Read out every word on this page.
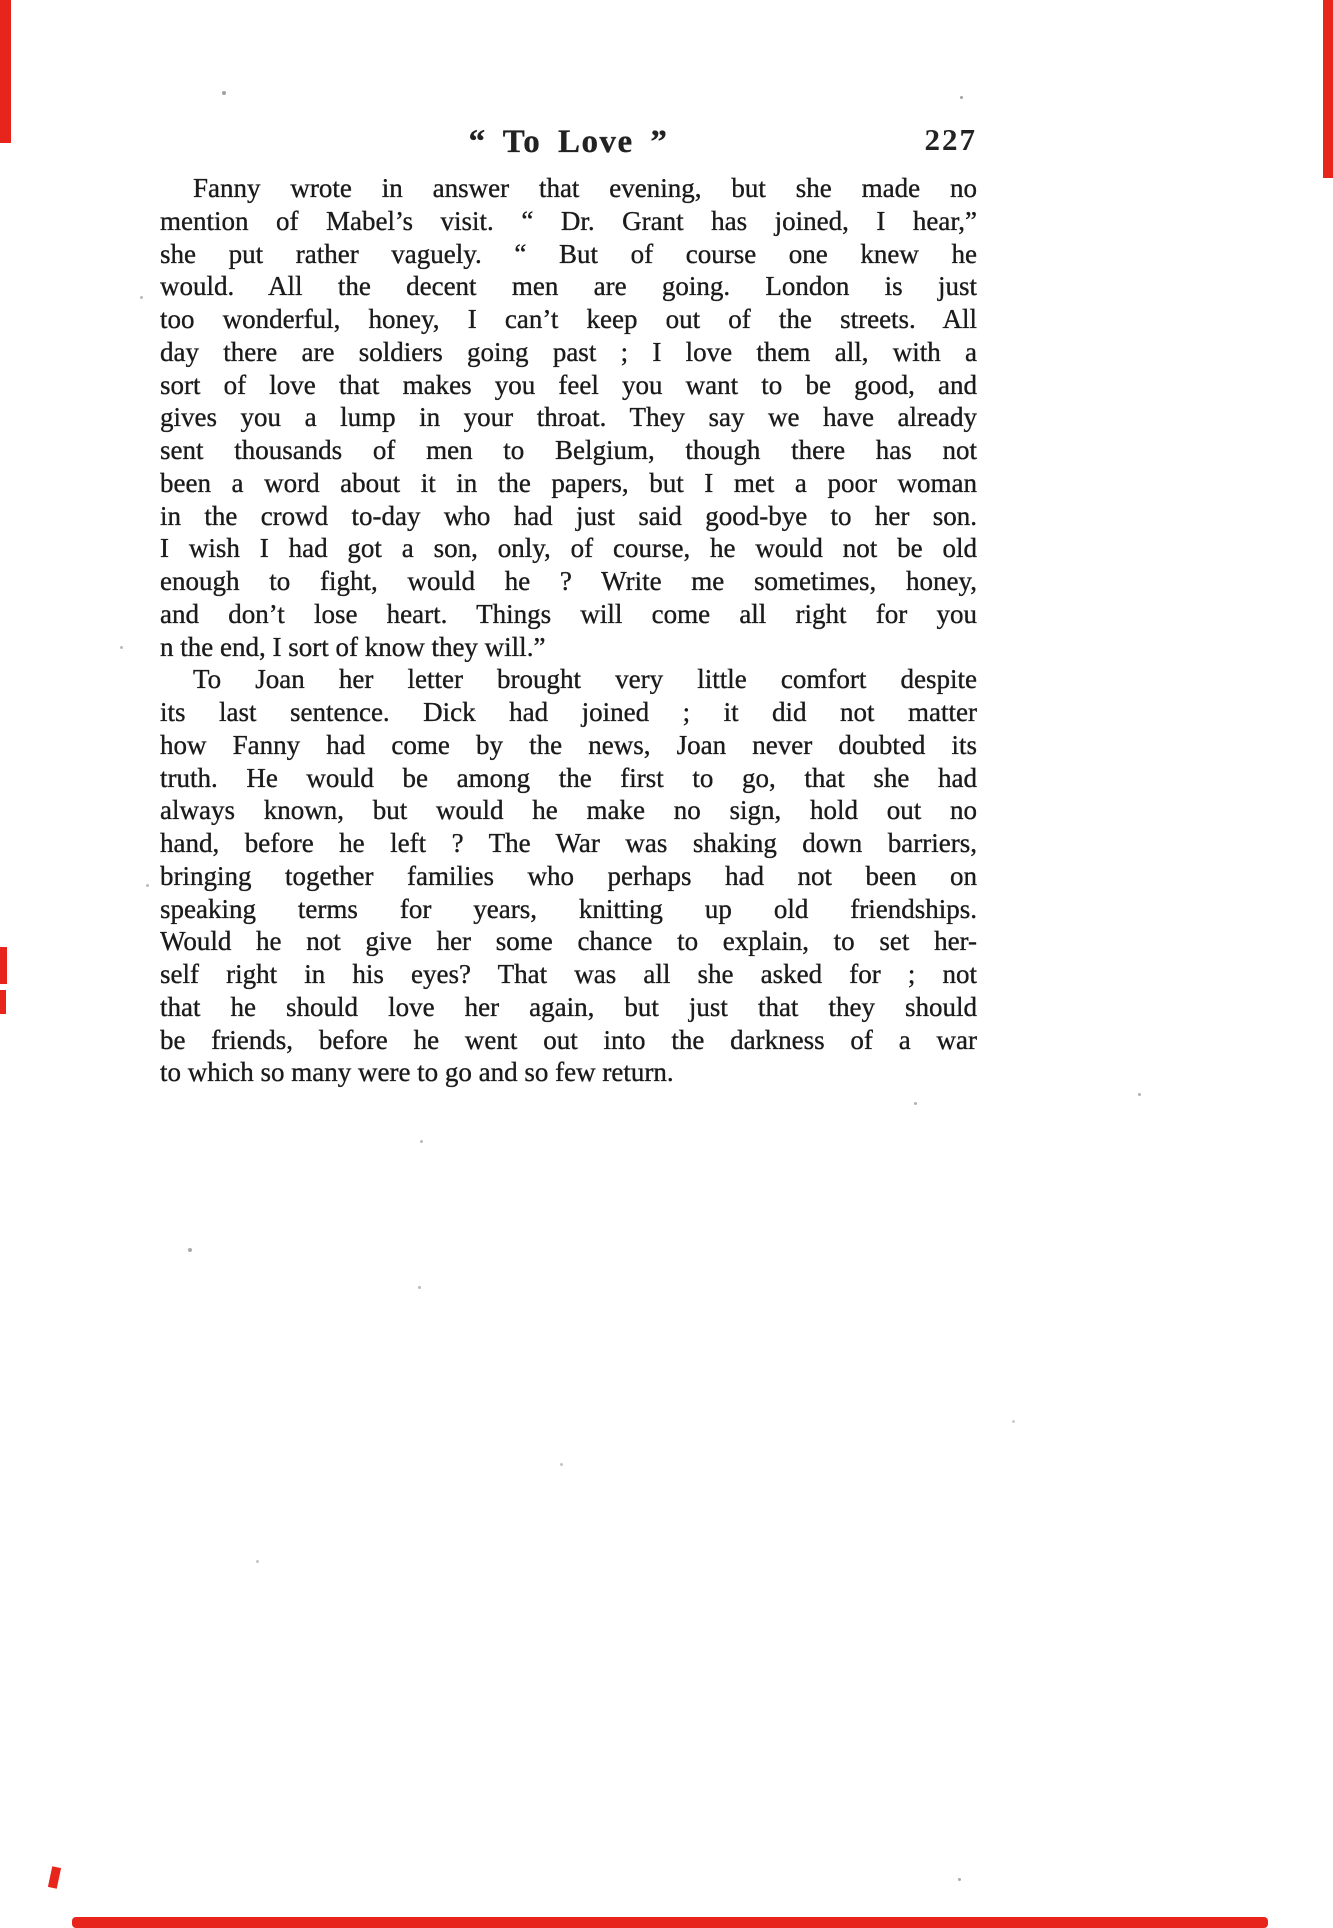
“ To Love ”	227
Fanny wrote in answer that evening, but she made no
mention of Mabel’s visit. “ Dr. Grant has joined, I hear,”
she put rather vaguely. “ But of course one knew he
would. All the decent men are going. London is just
too wonderful, honey, I can’t keep out of the streets. All
day there are soldiers going past ; I love them all, with a
sort of love that makes you feel you want to be good, and
gives you a lump in your throat. They say we have already
sent thousands of men to Belgium, though there has not
been a word about it in the papers, but I met a poor woman
in the crowd to-day who had just said good-bye to her son.
I wish I had got a son, only, of course, he would not be old
enough to fight, would he ? Write me sometimes, honey,
and don’t lose heart. Things will come all right for you
n the end, I sort of know they will.”
To Joan her letter brought very little comfort despite
its last sentence. Dick had joined ; it did not matter
how Fanny had come by the news, Joan never doubted its
truth. He would be among the first to go, that she had
always known, but would he make no sign, hold out no
hand, before he left ? The War was shaking down barriers,
bringing together families who perhaps had not been on
speaking terms for years, knitting up old friendships.
Would he not give her some chance to explain, to set her-
self right in his eyes? That was all she asked for ; not
that he should love her again, but just that they should
be friends, before he went out into the darkness of a war
to which so many were to go and so few return.
